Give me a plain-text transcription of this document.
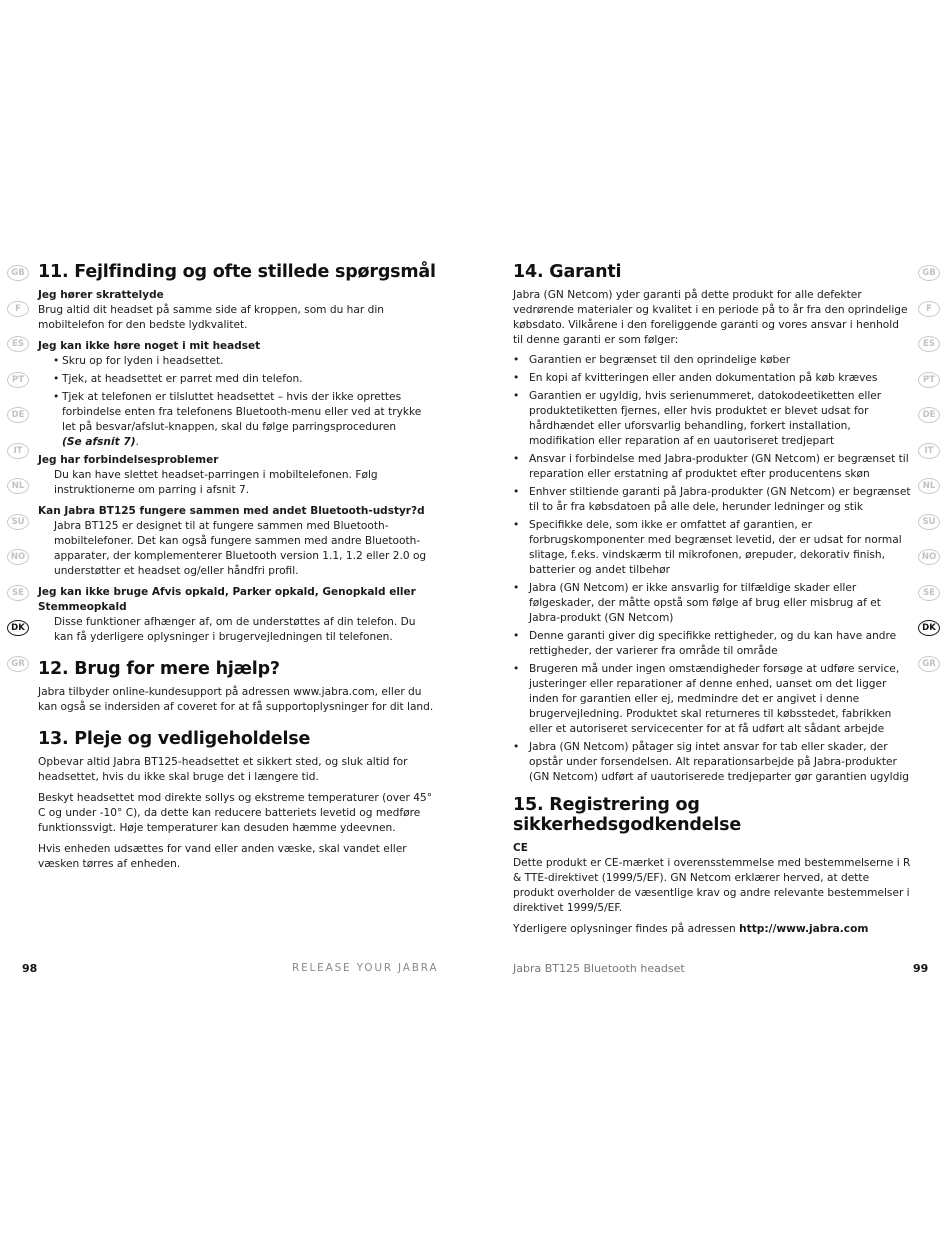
GB
F
ES
PT
DE
IT
NL
SU
NO
SE
DK
GR
GB
F
ES
PT
DE
IT
NL
SU
NO
SE
DK
GR
11. Fejlfinding og ofte stillede spørgsmål
Jeg hører skrattelyde

Brug altid dit headset på samme side af kroppen, som du har din mobiltelefon for den bedste lydkvalitet.

Jeg kan ikke høre noget i mit headset
• Skru op for lyden i headsettet.
• Tjek, at headsettet er parret med din telefon.
• Tjek at telefonen er tilsluttet headsettet – hvis der ikke oprettes forbindelse enten fra telefonens Bluetooth-menu eller ved at trykke let på besvar/afslut-knappen, skal du følge parringsproceduren
(Se afsnit 7).
Jeg har forbindelsesproblemer

Du kan have slettet headset-parringen i mobiltelefonen. Følg instruktionerne om parring i afsnit 7.

Kan Jabra BT125 fungere sammen med andet Bluetooth-udstyr?d

Jabra BT125 er designet til at fungere sammen med Bluetooth-mobiltelefoner. Det kan også fungere sammen med andre Bluetooth-apparater, der komplementerer Bluetooth version 1.1, 1.2 eller 2.0 og understøtter et headset og/eller håndfri profil.

Jeg kan ikke bruge Afvis opkald, Parker opkald, Genopkald eller Stemmeopkald

Disse funktioner afhænger af, om de understøttes af din telefon. Du kan få yderligere oplysninger i brugervejledningen til telefonen.

12. Brug for mere hjælp?

Jabra tilbyder online-kundesupport på adressen www.jabra.com, eller du kan også se indersiden af coveret for at få supportoplysninger for dit land.

13. Pleje og vedligeholdelse

Opbevar altid Jabra BT125-headsettet et sikkert sted, og sluk altid for headsettet, hvis du ikke skal bruge det i længere tid.

Beskyt headsettet mod direkte sollys og ekstreme temperaturer (over 45° C og under -10° C), da dette kan reducere batteriets levetid og medføre funktionssvigt. Høje temperaturer kan desuden hæmme ydeevnen.

Hvis enheden udsættes for vand eller anden væske, skal vandet eller væsken tørres af enheden.

14. Garanti

Jabra (GN Netcom) yder garanti på dette produkt for alle defekter vedrørende materialer og kvalitet i en periode på to år fra den oprindelige købsdato. Vilkårene i den foreliggende garanti og vores ansvar i henhold til denne garanti er som følger:

• Garantien er begrænset til den oprindelige køber
• En kopi af kvitteringen eller anden dokumentation på køb kræves
• Garantien er ugyldig, hvis serienummeret, datokodeetiketten eller produktetiketten fjernes, eller hvis produktet er blevet udsat for hårdhændet eller uforsvarlig behandling, forkert installation, modifikation eller reparation af en uautoriseret tredjepart
• Ansvar i forbindelse med Jabra-produkter (GN Netcom) er begrænset til reparation eller erstatning af produktet efter producentens skøn
• Enhver stiltiende garanti på Jabra-produkter (GN Netcom) er begrænset til to år fra købsdatoen på alle dele, herunder ledninger og stik
• Specifikke dele, som ikke er omfattet af garantien, er forbrugskomponenter med begrænset levetid, der er udsat for normal slitage, f.eks. vindskærm til mikrofonen, ørepuder, dekorativ finish, batterier og andet tilbehør
• Jabra (GN Netcom) er ikke ansvarlig for tilfældige skader eller følgeskader, der måtte opstå som følge af brug eller misbrug af et Jabra-produkt (GN Netcom)
• Denne garanti giver dig specifikke rettigheder, og du kan have andre rettigheder, der varierer fra område til område
• Brugeren må under ingen omstændigheder forsøge at udføre service, justeringer eller reparationer af denne enhed, uanset om det ligger inden for garantien eller ej, medmindre det er angivet i denne brugervejledning. Produktet skal returneres til købsstedet, fabrikken eller et autoriseret servicecenter for at få udført alt sådant arbejde
• Jabra (GN Netcom) påtager sig intet ansvar for tab eller skader, der opstår under forsendelsen. Alt reparationsarbejde på Jabra-produkter (GN Netcom) udført af uautoriserede tredjeparter gør garantien ugyldig
15. Registrering og sikkerhedsgodkendelse
CE

Dette produkt er CE-mærket i overensstemmelse med bestemmelserne i R & TTE-direktivet (1999/5/EF). GN Netcom erklærer herved, at dette produkt overholder de væsentlige krav og andre relevante bestemmelser i direktivet 1999/5/EF.

Yderligere oplysninger findes på adressen http://www.jabra.com

98	RELEASE YOUR JABRA	Jabra BT125 Bluetooth headset	99
